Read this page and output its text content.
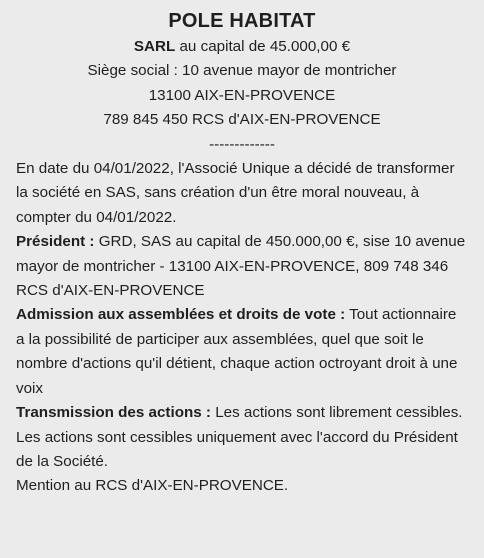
POLE HABITAT
SARL au capital de 45.000,00 €
Siège social : 10 avenue mayor de montricher
13100 AIX-EN-PROVENCE
789 845 450 RCS d'AIX-EN-PROVENCE
-------------

En date du 04/01/2022, l'Associé Unique a décidé de transformer la société en SAS, sans création d'un être moral nouveau, à compter du 04/01/2022.

Président : GRD, SAS au capital de 450.000,00 €, sise 10 avenue mayor de montricher - 13100 AIX-EN-PROVENCE, 809 748 346 RCS d'AIX-EN-PROVENCE

Admission aux assemblées et droits de vote : Tout actionnaire a la possibilité de participer aux assemblées, quel que soit le nombre d'actions qu'il détient, chaque action octroyant droit à une voix

Transmission des actions : Les actions sont librement cessibles. Les actions sont cessibles uniquement avec l'accord du Président de la Société.

Mention au RCS d'AIX-EN-PROVENCE.
